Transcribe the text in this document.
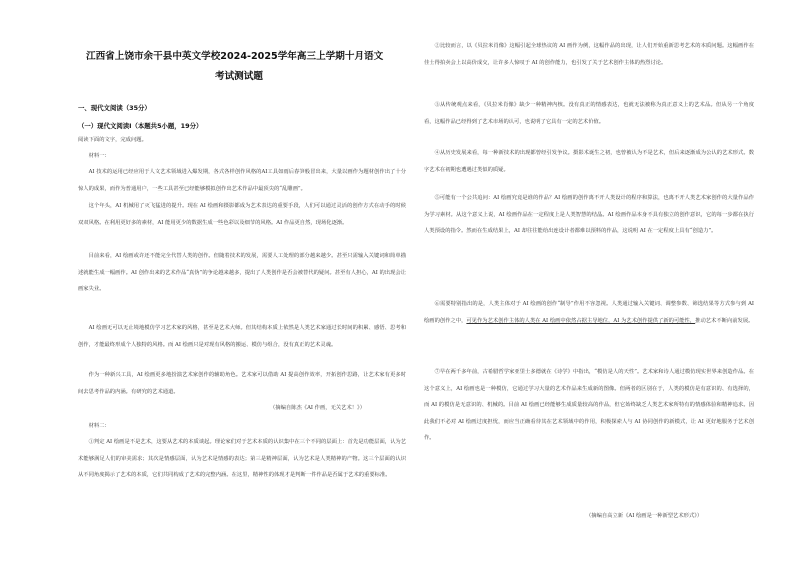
江西省上饶市余干县中英文学校2024-2025学年高三上学期十月语文
考试测试题
一、现代文阅读（35分）
（一）现代文阅读Ⅰ（本题共5小题，19分）
阅读下面的文字，完成问题。
材料一：
AI 技术的运用已经应用于人文艺术领域进入爆发期，各式各样创作风格的AI工具如雨后春笋般冒出来，大量以画作为题材创作出了十分惊人的成果，而作为普通用户，一些工具甚至已经能够模拟创作出艺术作品中最顶尖的“乱雕画”。
这个年头，AI 机械用了灭飞猛进的提升。现在 AI 绘画和摄影都成为艺术表达的重要手段，人们可以通过灵活的创作方式在动手的时候双双风格。在利用更好多的素材，AI 能用更少的数据生成一些色彩以及细节的风格。AI 作品更自然，现场化逐渐。
目前来看，AI 绘画或许还不能完全代替人类的创作。但随着技术的发展，需要人工处理的部分越来越少。甚至只需输入关键词和简单描述就能生成一幅画作。AI 创作出来的艺术作品“真伪”的争论越来越多，提出了人类创作是否会被替代的疑问。甚至有人担心，AI 的出现会让画家失业。
AI 绘画无可以无止境地模仿学习艺术家的风格，甚至是艺术大师。但其结构本质上依然是人类艺术家通过长时间的积累、感悟、思考和创作，才能最终形成个人独特的风格。而 AI 绘画只是对现有风格的搬运、模仿与组合，没有真正的艺术灵魂。
作为一种新兴工具，AI 绘画更多地扮演艺术家创作的辅助角色。艺术家可以借助 AI 提高创作效率，开拓创作思路，让艺术家有更多时间去思考作品的内涵。有研究的艺术通道。
（摘编自陈杰《AI 作画，无关艺术！》）
材料二：
①判定 AI 绘画是不是艺术，这要从艺术的本质谈起。理论家们对于艺术本质的认识集中在三个不同的层面上：首先是功能层面，认为艺术能够满足人们的审美需求；其次是情感层面，认为艺术是情感的表达；第三是精神层面，认为艺术是人类精神的产物。这三个层面的认识从不同角度揭示了艺术的本质，它们共同构成了艺术的完整内涵。在这里，精神性的体现才是判断一件作品是否属于艺术的重要标准。
②比较而言，以《贝拉米肖像》这幅引起全球热议的 AI 画作为例，这幅作品的出现，让人们开始重新思考艺术的本质问题。这幅画作在佳士得拍卖会上以高价成交，让许多人惊叹于 AI 的创作能力，也引发了关于艺术创作主体的热烈讨论。
③从传统观点来看，《贝拉米肖像》缺少一种精神内核。没有真正的情感表达，也就无法被称为真正意义上的艺术品。但从另一个角度看，这幅作品已经得到了艺术市场的认可，也说明了它具有一定的艺术价值。
④从历史发展来看，每一种新技术的出现都曾经引发争议。摄影术诞生之初，也曾被认为不是艺术，但后来逐渐成为公认的艺术形式。数字艺术在初期也遭遇过类似的质疑。
⑤可能有一个公共追问：AI 绘画究竟是谁的作品？AI 绘画的创作离不开人类设计的程序和算法，也离不开人类艺术家创作的大量作品作为学习素材。从这个意义上说，AI 绘画作品在一定程度上是人类智慧的结晶。AI 绘画作品本身不具有独立的创作意识，它的每一步都在执行人类预设的指令。然而在生成结果上，AI 却往往能给出连设计者都难以预料的作品，这说明 AI 在一定程度上具有“创造力”。
⑥需要特别指出的是，人类主体对于 AI 绘画的创作“制导”作用不容忽视。人类通过输入关键词、调整参数、筛选结果等方式参与到 AI 绘画的创作之中，可见作为艺术创作主体的人类在 AI 绘画中依然占据主导地位，AI 为艺术创作提供了新的可能性，推动艺术不断向前发展。
⑦早在两千多年前，古希腊哲学家亚里士多德就在《诗学》中指出，“模仿是人的天性”。艺术家和诗人通过模仿现实世界来创造作品。在这个意义上，AI 绘画也是一种模仿，它通过学习大量的艺术作品来生成新的图像。但两者的区别在于，人类的模仿是有意识的、有选择的，而 AI 的模仿是无意识的、机械的。目前 AI 绘画已经能够生成质量较高的作品，但它始终缺乏人类艺术家所特有的情感体验和精神追求。因此我们不必对 AI 绘画过度担忧，而应当正确看待其在艺术领域中的作用，积极探索人与 AI 协同创作的新模式，让 AI 更好地服务于艺术创作。
（摘编自高立新《AI 绘画是一种新型艺术形式》）
